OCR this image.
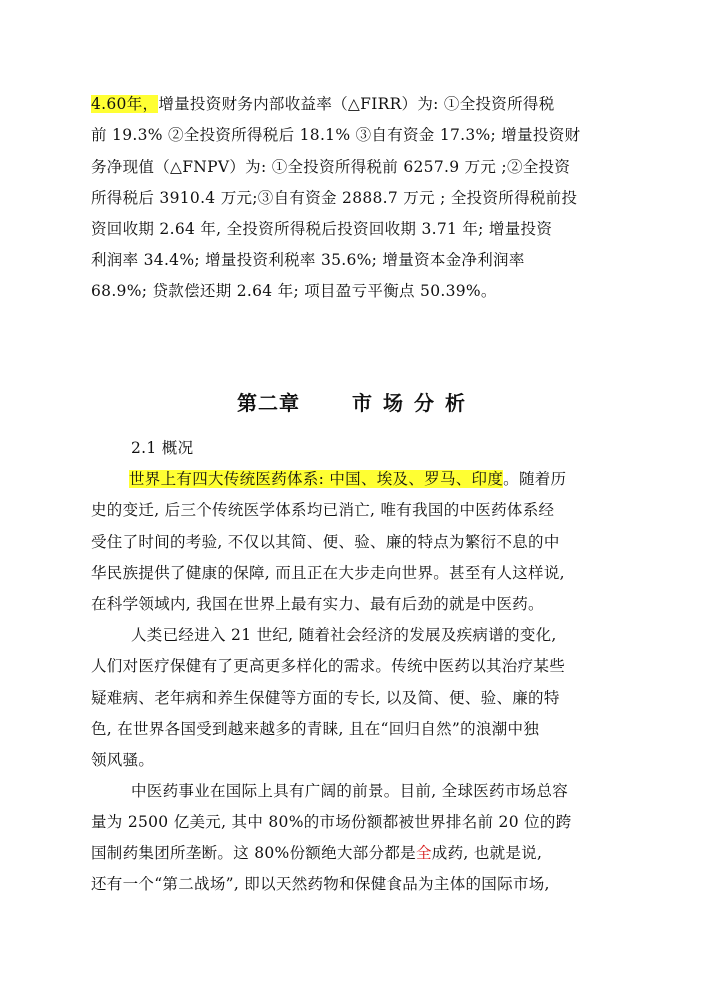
4.60年，增量投资财务内部收益率（△FIRR）为: ①全投资所得税
前 19.3% ②全投资所得税后 18.1% ③自有资金 17.3%; 增量投资财
务净现值（△FNPV）为: ①全投资所得税前 6257.9 万元 ;②全投资
所得税后 3910.4 万元;③自有资金 2888.7 万元 ; 全投资所得税前投
资回收期 2.64 年, 全投资所得税后投资回收期 3.71 年; 增量投资
利润率 34.4%; 增量投资利税率 35.6%; 增量资本金净利润率
68.9%; 贷款偿还期 2.64 年; 项目盈亏平衡点 50.39%。
第二章	市 场 分 析
2.1 概况
世界上有四大传统医药体系: 中国、埃及、罗马、印度。随着历
史的变迁, 后三个传统医学体系均已消亡, 唯有我国的中医药体系经
受住了时间的考验, 不仅以其简、便、验、廉的特点为繁衍不息的中
华民族提供了健康的保障, 而且正在大步走向世界。甚至有人这样说,
在科学领域内, 我国在世界上最有实力、最有后劲的就是中医药。
人类已经进入 21 世纪, 随着社会经济的发展及疾病谱的变化,
人们对医疗保健有了更高更多样化的需求。传统中医药以其治疗某些
疑难病、老年病和养生保健等方面的专长, 以及简、便、验、廉的特
色, 在世界各国受到越来越多的青睐, 且在“回归自然”的浪潮中独
领风骚。
中医药事业在国际上具有广阔的前景。目前, 全球医药市场总容
量为 2500 亿美元, 其中 80%的市场份额都被世界排名前 20 位的跨
国制药集团所垄断。这 80%份额绝大部分都是全成药, 也就是说,
还有一个“第二战场”, 即以天然药物和保健食品为主体的国际市场,
